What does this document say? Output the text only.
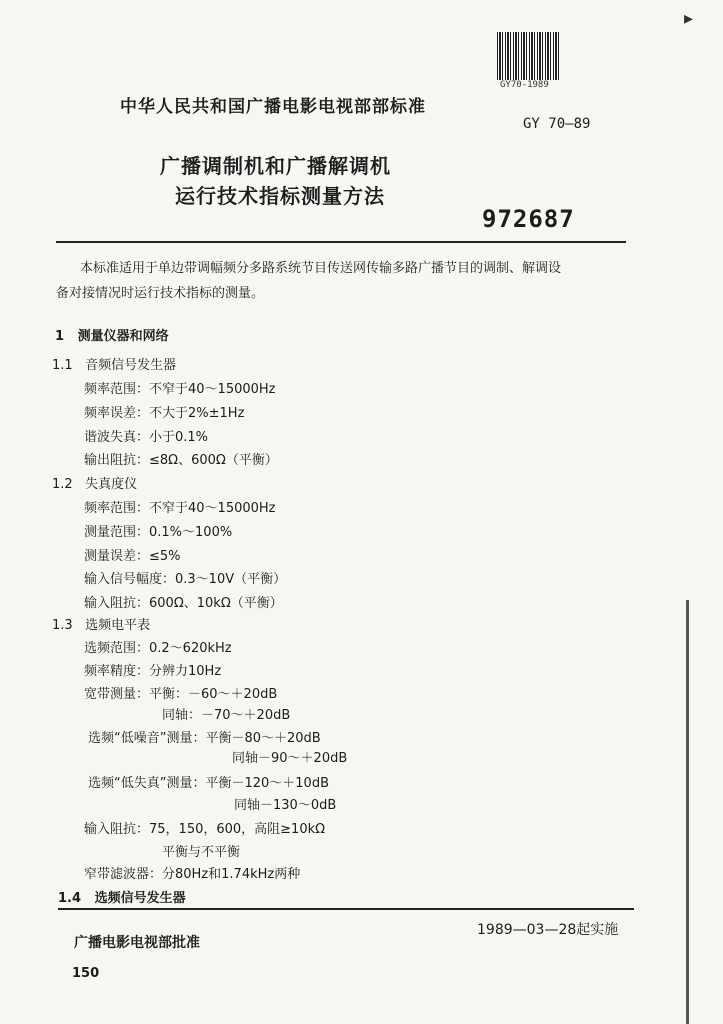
▸
GY70-1989
中华人民共和国广播电影电视部部标准
GY 70—89
广播调制机和广播解调机
运行技术指标测量方法
972687
本标准适用于单边带调幅频分多路系统节目传送网传输多路广播节目的调制、解调设
备对接情况时运行技术指标的测量。
1 测量仪器和网络
1.1 音频信号发生器
频率范围：不窄于40～15000Hz
频率误差：不大于2%±1Hz
谐波失真：小于0.1%
输出阻抗：≤8Ω、600Ω（平衡）
1.2 失真度仪
频率范围：不窄于40～15000Hz
测量范围：0.1%～100%
测量误差：≤5%
输入信号幅度：0.3～10V（平衡）
输入阻抗：600Ω、10kΩ（平衡）
1.3 选频电平表
选频范围：0.2～620kHz
频率精度：分辨力10Hz
宽带测量：平衡：－60～＋20dB
同轴：－70～＋20dB
选频“低噪音”测量：平衡－80～＋20dB
同轴－90～＋20dB
选频“低失真”测量：平衡－120～＋10dB
同轴－130～0dB
输入阻抗：75，150，600，高阻≥10kΩ
平衡与不平衡
窄带滤波器：分80Hz和1.74kHz两种
1.4 选频信号发生器
广播电影电视部批准
1989—03—28起实施
150
